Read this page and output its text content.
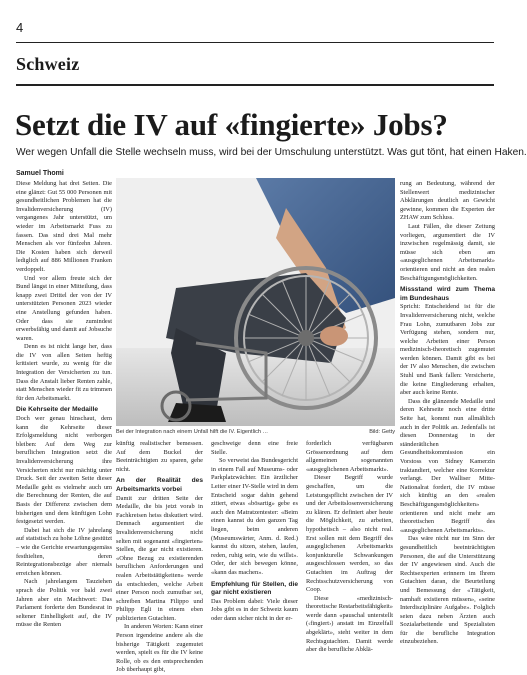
4
Schweiz
Setzt die IV auf «fingierte» Jobs?

Wer wegen Unfall die Stelle wechseln muss, wird bei der Umschulung unterstützt. Was gut tönt, hat einen Haken.

Samuel Thomi

Diese Meldung hat drei Seiten. Die eine glänzt: Gut 55 000 Personen mit gesundheitlichen Problemen hat die Invalidenversicherung (IV) vergangenes Jahr unterstützt, um wieder im Arbeitsmarkt Fuss zu fassen. Das sind drei Mal mehr Menschen als vor fünfzehn Jahren. Die Kosten haben sich derweil lediglich auf 886 Millionen Franken verdoppelt.

Und vor allem freute sich der Bund längst in einer Mitteilung, dass knapp zwei Drittel der von der IV unterstützten Personen 2023 wieder eine Anstellung gefunden haben. Oder dass sie zumindest erwerbsfähig und damit auf Jobsuche waren.

Denn es ist nicht lange her, dass die IV von allen Seiten heftig kritisiert wurde, zu wenig für die Integration der Versicherten zu tun. Dass die Anstalt lieber Renten zahle, statt Menschen wieder fit zu trimmen für den Arbeitsmarkt.

Die Kehrseite der Medaille

Doch wer genau hinschaut, dem kann die Kehrseite dieser Erfolgsmeldung nicht verborgen bleiben: Auf dem Weg zur beruflichen Integration setzt die Invalidenversicherung ihre Versicherten nicht nur mächtig unter Druck. Seit der zweiten Seite dieser Medaille geht es vielmehr auch um die Berechnung der Renten, die auf Basis der Differenz zwischen dem bisherigen und dem künftigen Lohn festgesetzt werden.

Dabei hat sich die IV jahrelang auf statistisch zu hohe Löhne gestützt – wie die Gerichte erwartungsgemäss festhielten, deren Reintegrationsbezüge aber niemals erreichen können.

Nach jahrelangem Tauziehen sprach die Politik vor bald zwei Jahren aber ein Machtwort: Das Parlament forderte den Bundesrat in seltener Einhelligkeit auf, die IV müsse die Renten

Bei der Integration nach einem Unfall hilft die IV. Eigentlich …	Bild: Getty

künftig realistischer bemessen. Auf dem Buckel der Beeinträchtigten zu sparen, gehe nicht.

An der Realität des Arbeitsmarkts vorbei

Damit zur dritten Seite der Medaille, die bis jetzt vorab in Fachkreisen heiss diskutiert wird. Demnach argumentiert die Invalidenversicherung nicht selten mit sogenannt «fingierten» Stellen, die gar nicht existieren. «Ohne Bezug zu existierenden beruflichen Anforderungen und realen Arbeitstätigkeiten» werde da entschieden, welche Arbeit einer Person noch zumutbar sei, schreiben Martina Filippo und Philipp Egli in einem eben publizierten Gutachten.

In anderen Worten: Kann einer Person irgendeine andere als die bisherige Tätigkeit zugemutet werden, spielt es für die IV keine Rolle, ob es den entsprechenden Job überhaupt gibt,

geschweige denn eine freie Stelle.

So verweist das Bundesgericht in einem Fall auf Museums- oder Parkplatzwächter. Ein ärztlicher Leiter einer IV-Stelle wird in dem Entscheid sogar dahin gehend zitiert, etwas «bösartig» gebe es auch den Matratzentester: «Beim einen kannst du den ganzen Tag liegen, beim anderen (Museumswärter, Anm. d. Red.) kannst du sitzen, stehen, laufen, reden, ruhig sein, wie du willst». Oder, der sich bewegen könne, «kann das machen».

Empfehlung für Stellen, die gar nicht existieren

Das Problem dabei: Viele dieser Jobs gibt es in der Schweiz kaum oder dann sicher nicht in der er-

forderlich verfügbaren Grössenordnung auf dem allgemeinen sogenannten «ausgeglichenen Arbeitsmarkt».

Dieser Begriff wurde geschaffen, um die Leistungspflicht zwischen der IV und der Arbeitslosenversicherung zu klären. Er definiert aber heute die Möglichkeit, zu arbeiten, hypothetisch – also nicht real. Erst sollen mit dem Begriff des ausgeglichenen Arbeitsmarkts konjunkturelle Schwankungen ausgeschlossen werden, so das Gutachten im Auftrag der Rechtsschutzversicherung von Coop.

Diese «medizinisch-theoretische Restarbeitsfähigkeit» werde dann «pauschal unterstellt (‹fingiert›) anstatt im Einzelfall abgeklärt», steht weiter in dem Rechtsgutachten. Damit werde aber die berufliche Abklä-

rung an Bedeutung, während der Stellenwert medizinischer Abklärungen deutlich an Gewicht gewinne, kommen die Experten der ZHAW zum Schluss.

Laut Fällen, die dieser Zeitung vorliegen, argumentiert die IV inzwischen regelmässig damit, sie müsse sich eben am «ausgeglichenen Arbeitsmarkt» orientieren und nicht an den realen Beschäftigungsmöglichkeiten.

Missstand wird zum Thema im Bundeshaus

Spricht: Entscheidend ist für die Invalidenversicherung nicht, welche Frau Lohn, zumutbaren Jobs zur Verfügung stehen, sondern nur, welche Arbeiten einer Person medizinisch-theoretisch zugemutet werden können. Damit gibt es bei der IV also Menschen, die zwischen Stuhl und Bank fallen: Versicherte, die keine Eingliederung erhalten, aber auch keine Rente.

Dass die glänzende Medaille und deren Kehrseite noch eine dritte Seite hat, kommt nun allmählich auch in der Politik an. Jedenfalls ist diesen Donnerstag in der ständerätlichen Gesundheitskommission ein Vorstoss von Sidney Kamerzin traktandiert, welcher eine Korrektur verlangt. Der Walliser Mitte-Nationalrat fordert, die IV müsse sich künftig an den «realen Beschäftigungsmöglichkeiten» orientieren und nicht mehr am theoretischen Begriff des «ausgeglichenen Arbeitsmarkts».

Das wäre nicht nur im Sinn der gesundheitlich beeinträchtigten Personen, die auf die Unterstützung der IV angewiesen sind. Auch die Rechtsexperten erinnern im Ihrem Gutachten daran, die Beurteilung und Bemessung der «Tätigkeit, namhaft existieren müssen», «seine Interdisziplinäre Aufgabe». Folglich seien dazu neben Ärzten auch Sozialarbeitende und Spezialisten für die berufliche Integration einzubeziehen.
